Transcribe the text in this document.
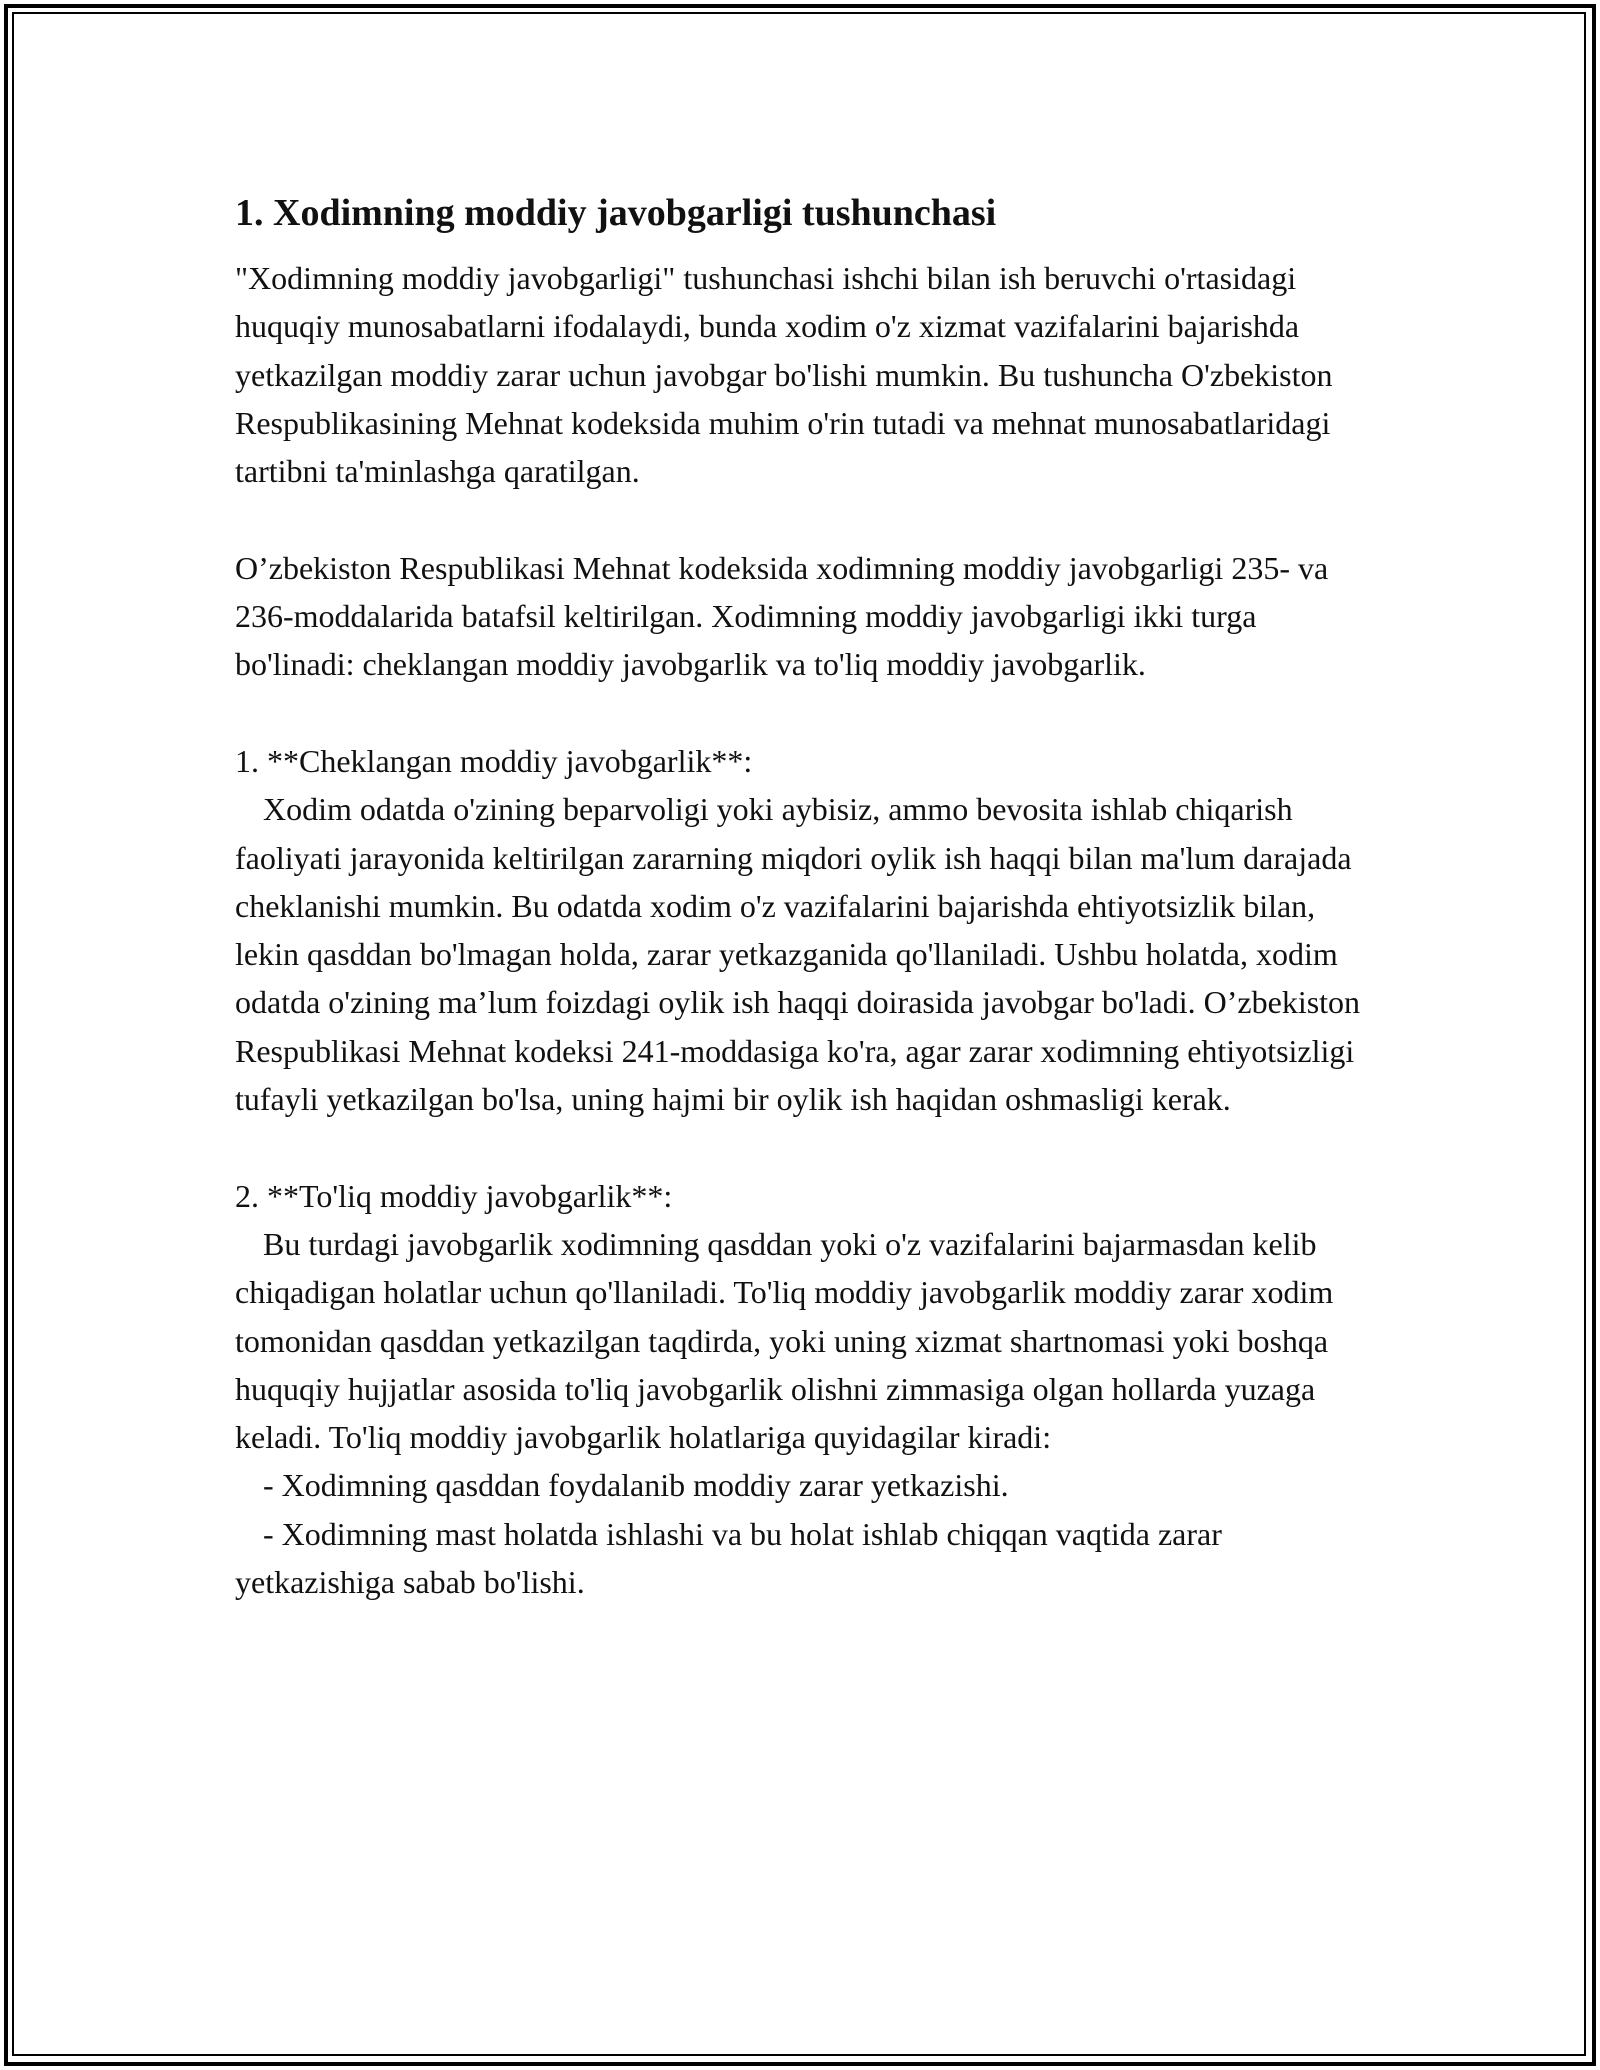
1. Xodimning moddiy javobgarligi tushunchasi

"Xodimning moddiy javobgarligi" tushunchasi ishchi bilan ish beruvchi o'rtasidagi huquqiy munosabatlarni ifodalaydi, bunda xodim o'z xizmat vazifalarini bajarishda yetkazilgan moddiy zarar uchun javobgar bo'lishi mumkin. Bu tushuncha O'zbekiston Respublikasining Mehnat kodeksida muhim o'rin tutadi va mehnat munosabatlaridagi tartibni ta'minlashga qaratilgan.

O’zbekiston Respublikasi Mehnat kodeksida xodimning moddiy javobgarligi 235- va 236-moddalarida batafsil keltirilgan. Xodimning moddiy javobgarligi ikki turga bo'linadi: cheklangan moddiy javobgarlik va to'liq moddiy javobgarlik.

1. **Cheklangan moddiy javobgarlik**:

Xodim odatda o'zining beparvoligi yoki aybisiz, ammo bevosita ishlab chiqarish faoliyati jarayonida keltirilgan zararning miqdori oylik ish haqqi bilan ma'lum darajada cheklanishi mumkin. Bu odatda xodim o'z vazifalarini bajarishda ehtiyotsizlik bilan, lekin qasddan bo'lmagan holda, zarar yetkazganida qo'llaniladi. Ushbu holatda, xodim odatda o'zining ma’lum foizdagi oylik ish haqqi doirasida javobgar bo'ladi. O’zbekiston Respublikasi Mehnat kodeksi 241-moddasiga ko'ra, agar zarar xodimning ehtiyotsizligi tufayli yetkazilgan bo'lsa, uning hajmi bir oylik ish haqidan oshmasligi kerak.

2. **To'liq moddiy javobgarlik**:

Bu turdagi javobgarlik xodimning qasddan yoki o'z vazifalarini bajarmasdan kelib chiqadigan holatlar uchun qo'llaniladi. To'liq moddiy javobgarlik moddiy zarar xodim tomonidan qasddan yetkazilgan taqdirda, yoki uning xizmat shartnomasi yoki boshqa huquqiy hujjatlar asosida to'liq javobgarlik olishni zimmasiga olgan hollarda yuzaga keladi. To'liq moddiy javobgarlik holatlariga quyidagilar kiradi:

- Xodimning qasddan foydalanib moddiy zarar yetkazishi.

- Xodimning mast holatda ishlashi va bu holat ishlab chiqqan vaqtida zarar yetkazishiga sabab bo'lishi.
